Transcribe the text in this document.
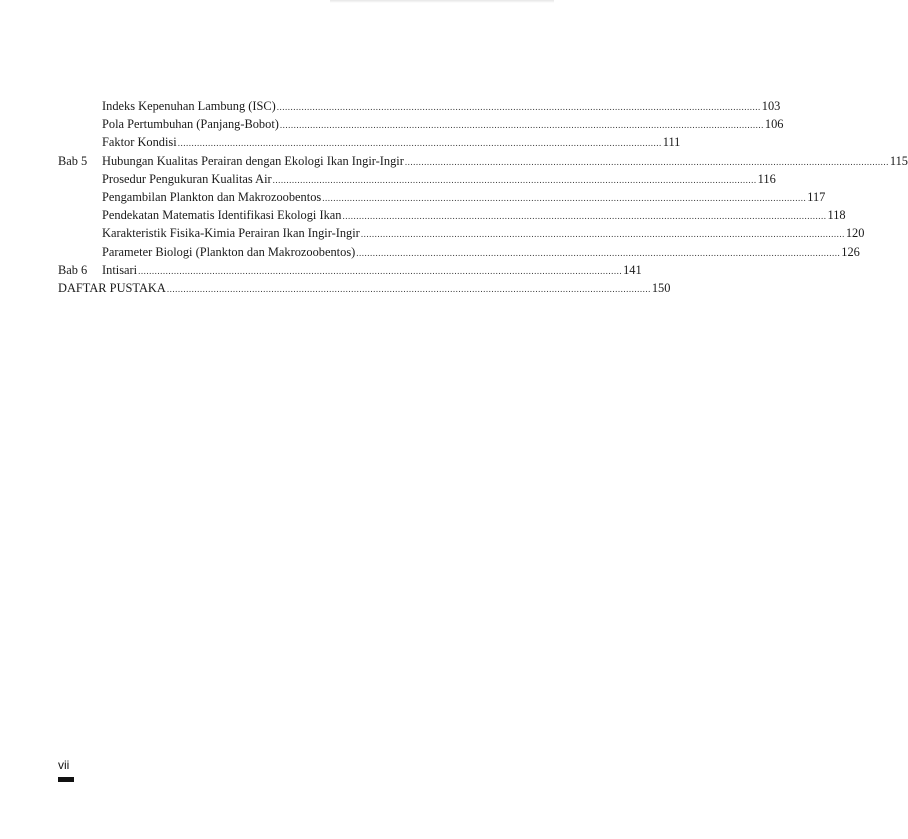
Indeks Kepenuhan Lambung (ISC) .....	103
Pola Pertumbuhan (Panjang-Bobot) .....	106
Faktor Kondisi .....	111
Bab 5	Hubungan Kualitas Perairan dengan Ekologi Ikan Ingir-Ingir .....	115
Prosedur Pengukuran Kualitas Air .....	116
Pengambilan Plankton dan Makrozoobentos .....	117
Pendekatan Matematis Identifikasi Ekologi Ikan .....	118
Karakteristik Fisika-Kimia Perairan Ikan Ingir-Ingir .....	120
Parameter Biologi (Plankton dan Makrozoobentos) .....	126
Bab 6	Intisari .....	141
DAFTAR PUSTAKA .....	150
vii
